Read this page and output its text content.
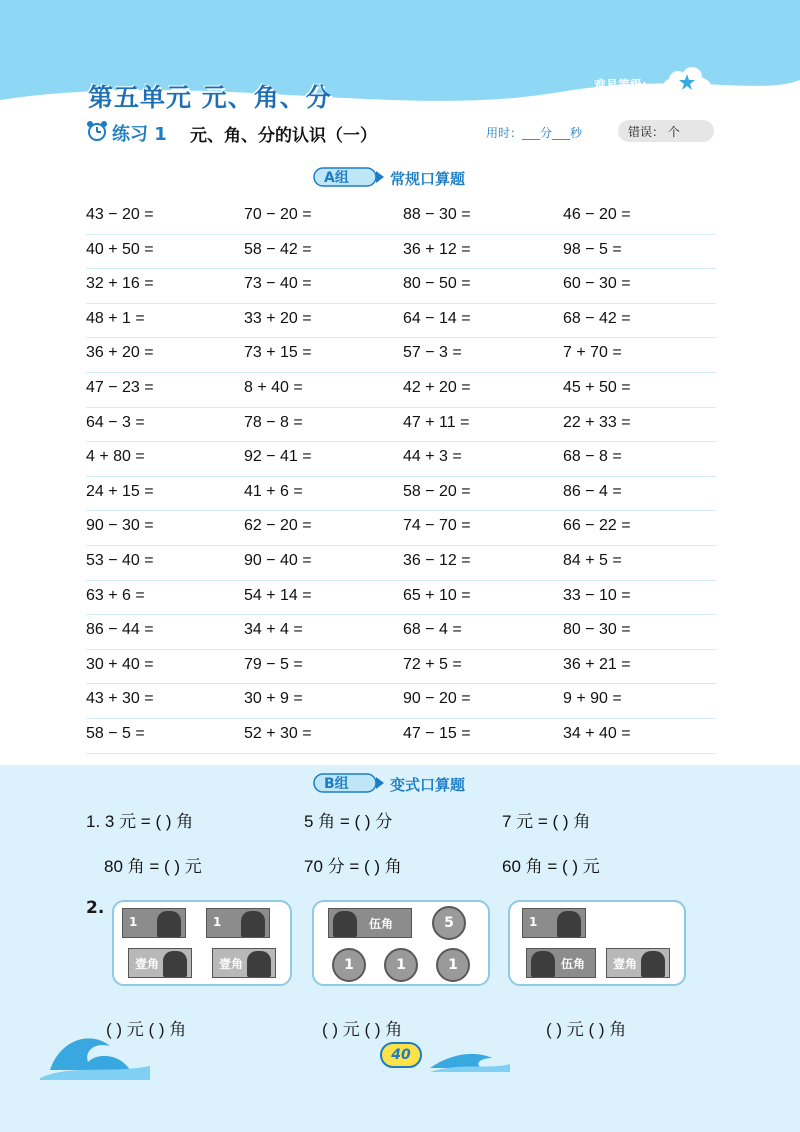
第五单元 元、角、分	难易等级:
练习 1 元、角、分的认识（一）	用时：___分___秒	错误： 个
A组	常规口算题
43 − 20 =	70 − 20 =	88 − 30 =	46 − 20 =
40 + 50 =	58 − 42 =	36 + 12 =	98 − 5 =
32 + 16 =	73 − 40 =	80 − 50 =	60 − 30 =
48 + 1 =	33 + 20 =	64 − 14 =	68 − 42 =
36 + 20 =	73 + 15 =	57 − 3 =	7 + 70 =
47 − 23 =	8 + 40 =	42 + 20 =	45 + 50 =
64 − 3 =	78 − 8 =	47 + 11 =	22 + 33 =
4 + 80 =	92 − 41 =	44 + 3 =	68 − 8 =
24 + 15 =	41 + 6 =	58 − 20 =	86 − 4 =
90 − 30 =	62 − 20 =	74 − 70 =	66 − 22 =
53 − 40 =	90 − 40 =	36 − 12 =	84 + 5 =
63 + 6 =	54 + 14 =	65 + 10 =	33 − 10 =
86 − 44 =	34 + 4 =	68 − 4 =	80 − 30 =
30 + 40 =	79 − 5 =	72 + 5 =	36 + 21 =
43 + 30 =	30 + 9 =	90 − 20 =	9 + 90 =
58 − 5 =	52 + 30 =	47 − 15 =	34 + 40 =
B组	变式口算题
1. 3 元 = ( ) 角	5 角 = ( ) 分	7 元 = ( ) 角
80 角 = ( ) 元	70 分 = ( ) 角	60 角 = ( ) 元
2.
1	1
壹角	壹角
伍角	5
1	1	1
1
伍角 壹角
( ) 元 ( ) 角	( ) 元 ( ) 角	( ) 元 ( ) 角
40
